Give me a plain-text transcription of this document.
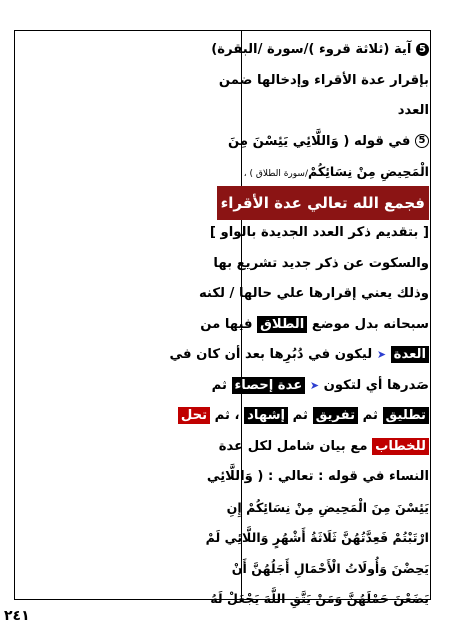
5 آية (ثلاثة قروء )/سورة /البقرة)
بإقرار عدة الأقراء وإدخالها ضمن
العدد
5 في قوله ( وَاللَّائِي يَئِسْنَ مِنَ
الْمَحِيضِ مِنْ نِسَائِكُمْ/سورة الطلاق ) ،
فجمع الله تعالي عدة الأقراء
[ بتقديم ذكر العدد الجديدة بالواو ]
والسكوت عن ذكر جديد تشريع بها
وذلك يعني إقرارها علي حالها / لكنه
سبحانه بدل موضع الطلاق فيها من
العدة ➤ ليكون في دُبُرِها بعد أن كان في
صَدرها أي لتكون ➤ عدة إحصاء ثم
تطليق ثم تفريق ثم إشهاد ، ثم تحل
للخطاب مع بيان شامل لكل عدة
النساء في قوله : تعالي : ( وَاللَّائِي
يَئِسْنَ مِنَ الْمَحِيضِ مِنْ نِسَائِكُمْ إِنِ
ارْتَبْتُمْ فَعِدَّتُهُنَّ ثَلَاثَةُ أَشْهُرٍ وَاللَّائِي لَمْ
يَحِضْنَ وَأُولَاتُ الْأَحْمَالِ أَجَلُهُنَّ أَنْ
يَضَعْنَ حَمْلَهُنَّ وَمَنْ يَتَّقِ اللَّهَ يَجْعَلْ لَهُ
٢٤١
